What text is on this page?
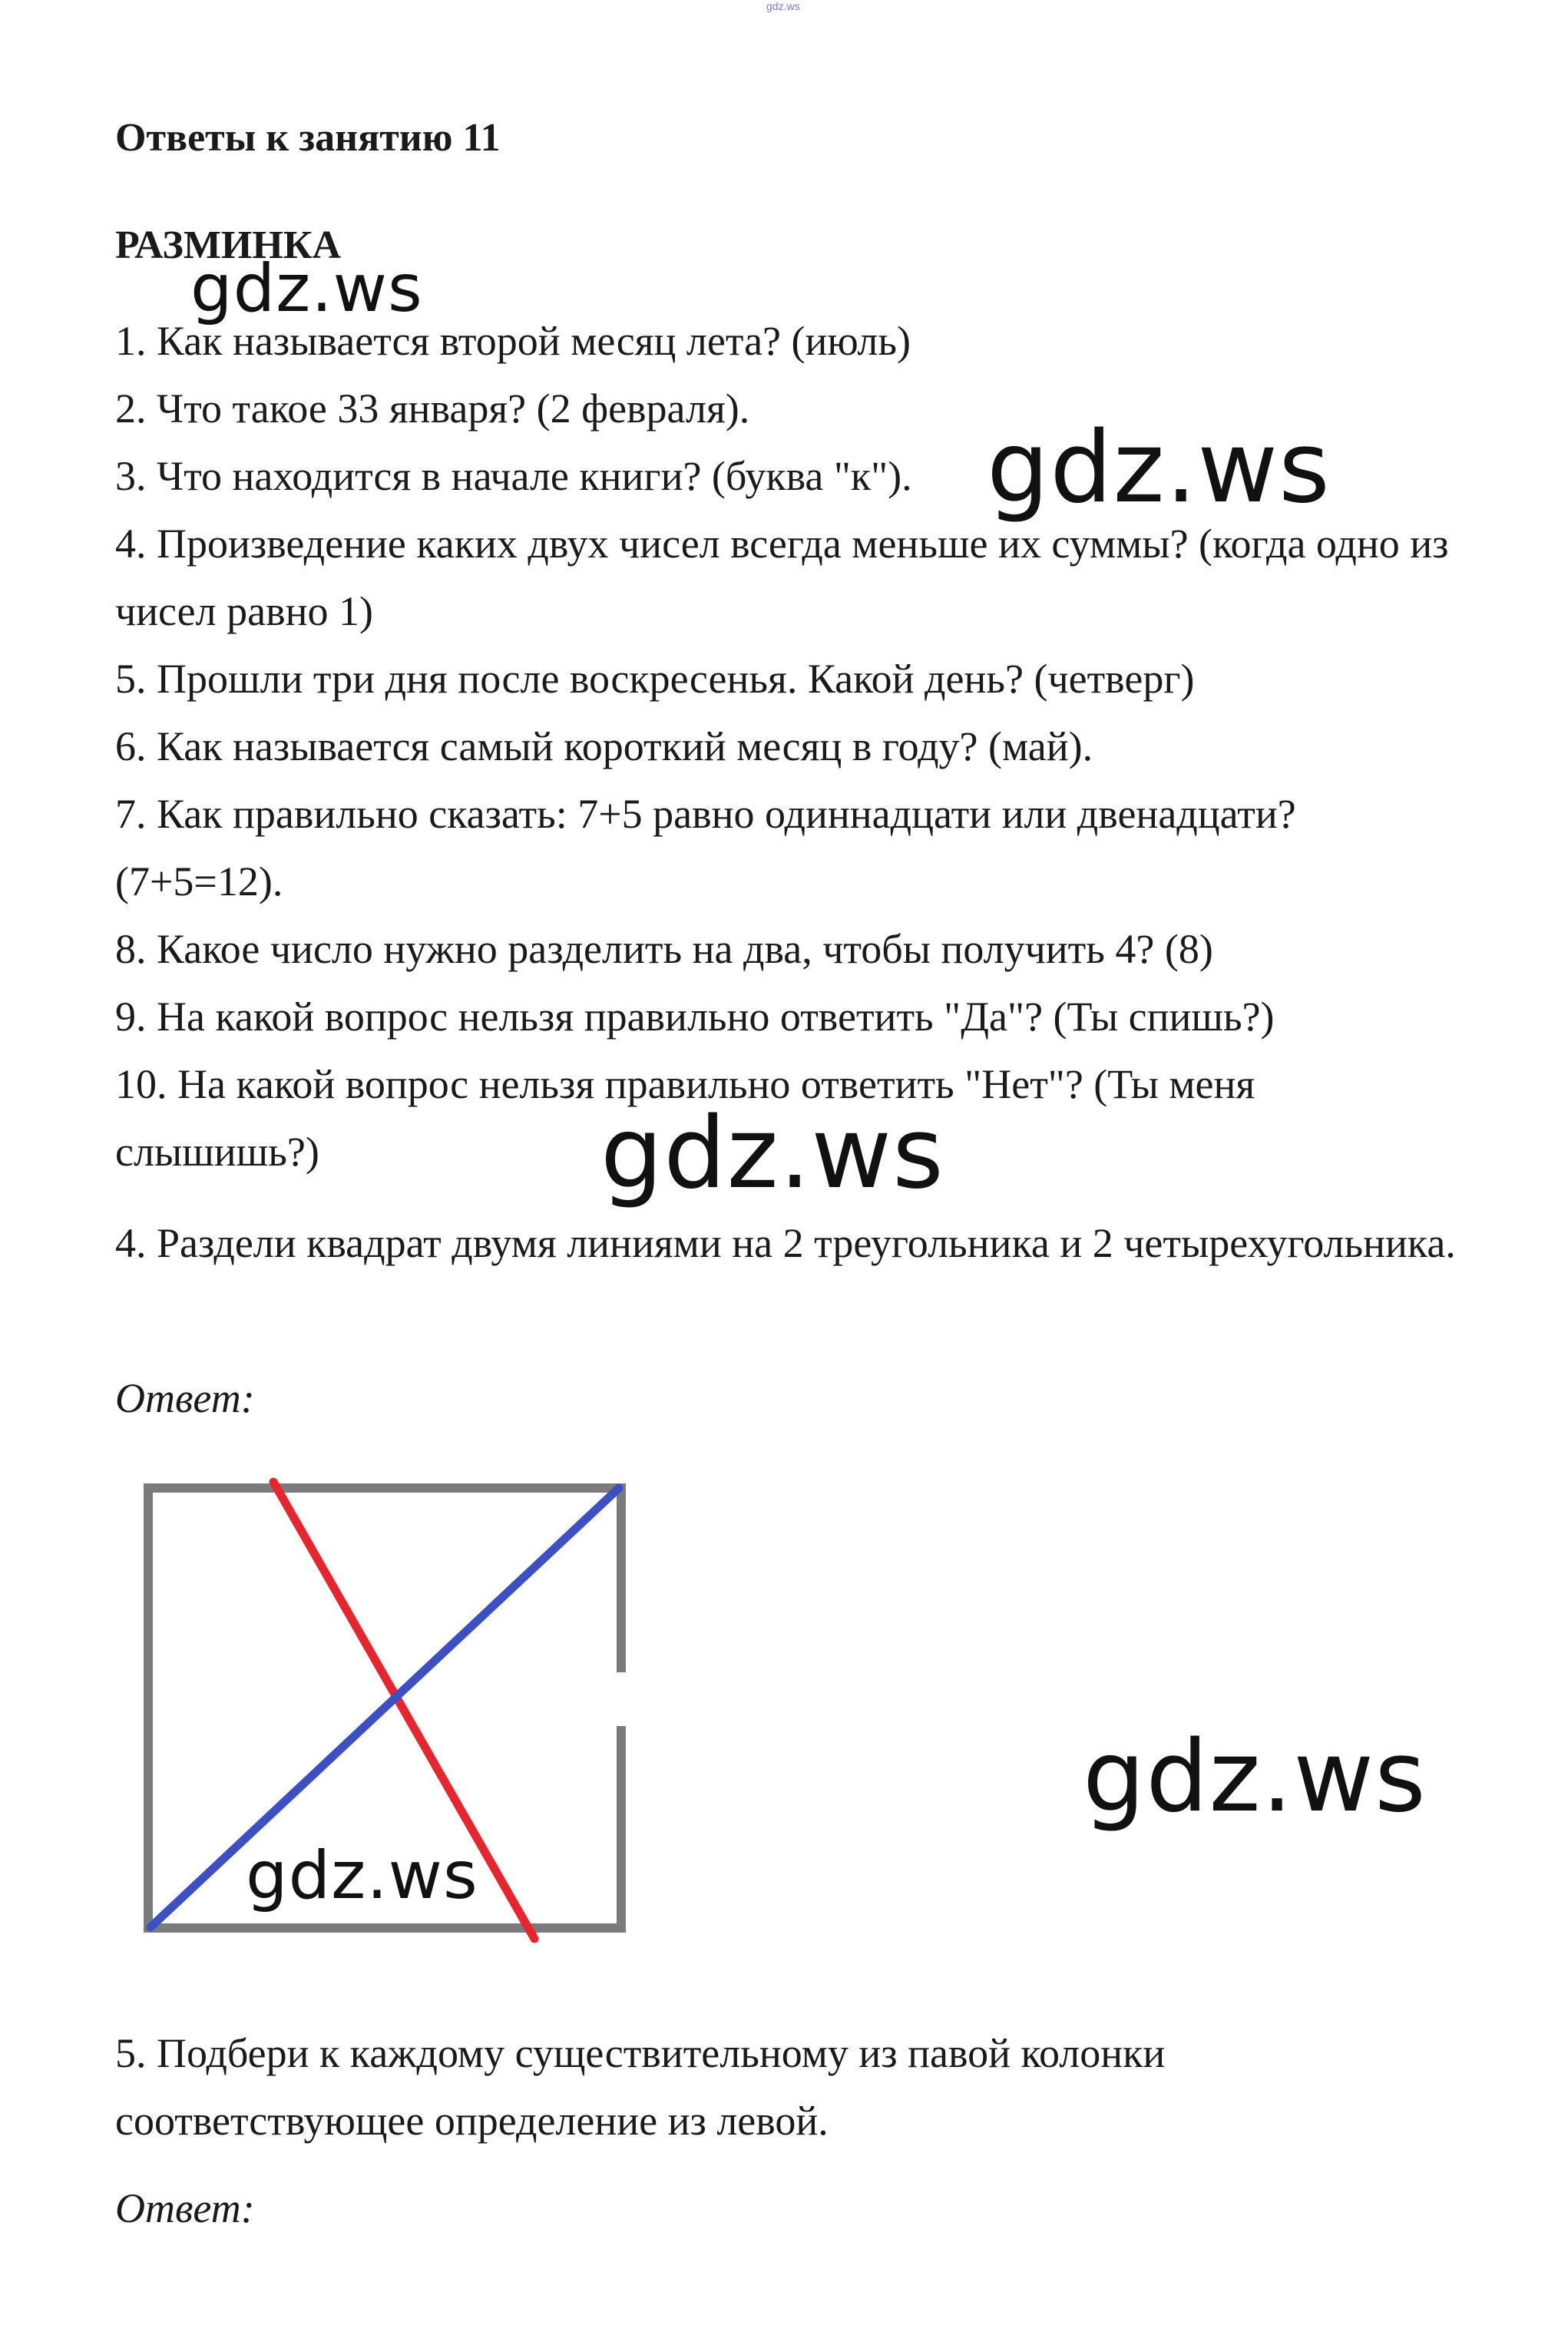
gdz.ws
Ответы к занятию 11
РАЗМИНКА
1. Как называется второй месяц лета? (июль)
2. Что такое 33 января? (2 февраля).
3. Что находится в начале книги? (буква "к").
4. Произведение каких двух чисел всегда меньше их суммы? (когда одно из чисел равно 1)
5. Прошли три дня после воскресенья. Какой день? (четверг)
6. Как называется самый короткий месяц в году? (май).
7. Как правильно сказать: 7+5 равно одиннадцати или двенадцати? (7+5=12).
8. Какое число нужно разделить на два, чтобы получить 4? (8)
9. На какой вопрос нельзя правильно ответить "Да"? (Ты спишь?)
10. На какой вопрос нельзя правильно ответить "Нет"? (Ты меня слышишь?)
4. Раздели квадрат двумя линиями на 2 треугольника и 2 четырехугольника.
Ответ:
5. Подбери к каждому существительному из павой колонки соответствующее определение из левой.
Ответ:
gdz.ws
gdz.ws
gdz.ws
gdz.ws
gdz.ws
